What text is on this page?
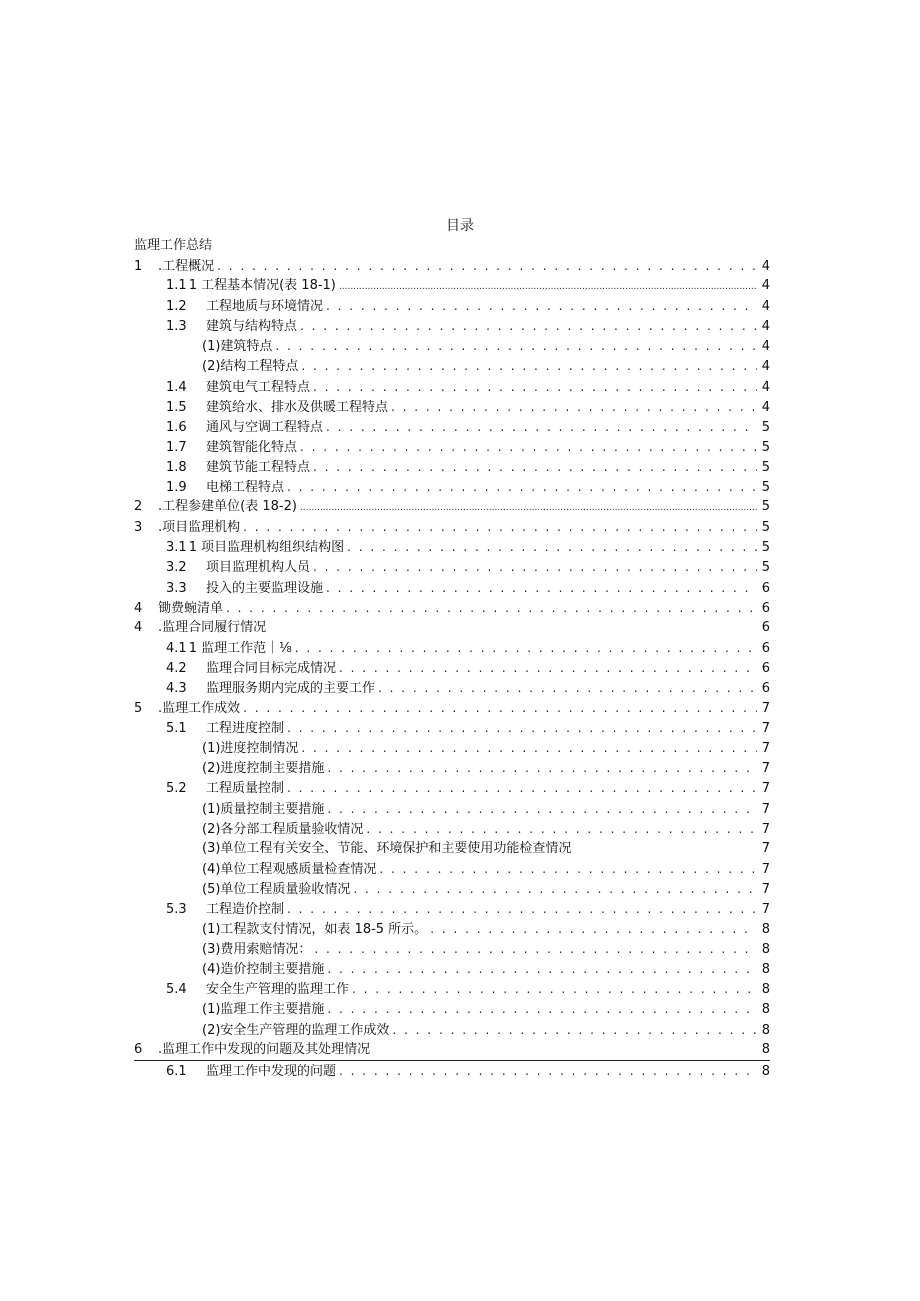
目录
监理工作总结
1	.工程概况 . . .	4
1.1 1 工程基本情况(表 18-1) .....	4
1.2	工程地质与环境情况 . . .	4
1.3	建筑与结构特点 . . .	4
(1)建筑特点 . . .	4
(2)结构工程特点 . . .	4
1.4	建筑电气工程特点 . . .	4
1.5	建筑给水、排水及供暖工程特点 . . .	4
1.6	通风与空调工程特点 . . .	5
1.7	建筑智能化特点 . . .	5
1.8	建筑节能工程特点 . . .	5
1.9	电梯工程特点 . . .	5
2	.工程参建单位(表 18-2) .....	5
3	.项目监理机构 . . .	5
3.1 1 项目监理机构组织结构图 . . .	5
3.2	项目监理机构人员 . . .	5
3.3	投入的主要监理设施 . . .	6
4	锄费蜿清单 . . .	6
4	.监理合同履行情况	6
4.1 1 监理工作范｜⅛ . . .	6
4.2	监理合同目标完成情况 . . .	6
4.3	监理服务期内完成的主要工作 . . .	6
5	.监理工作成效 . . .	7
5.1	工程进度控制 . . .	7
(1)进度控制情况 . . .	7
(2)进度控制主要措施 . . .	7
5.2	工程质量控制 . . .	7
(1)质量控制主要措施 . . .	7
(2)各分部工程质量验收情况 . . .	7
(3)单位工程有关安全、节能、环境保护和主要使用功能检查情况	7
(4)单位工程观感质量检查情况 . . .	7
(5)单位工程质量验收情况 . . .	7
5.3	工程造价控制 . . .	7
(1)工程款支付情况，如表 18-5 所示。 . . .	8
(3)费用索赔情况： . . .	8
(4)造价控制主要措施 . . .	8
5.4	安全生产管理的监理工作 . . .	8
(1)监理工作主要措施 . . .	8
(2)安全生产管理的监理工作成效 . . .	8
6	.监理工作中发现的问题及其处理情况	8
6.1	监理工作中发现的问题 . . .	8
